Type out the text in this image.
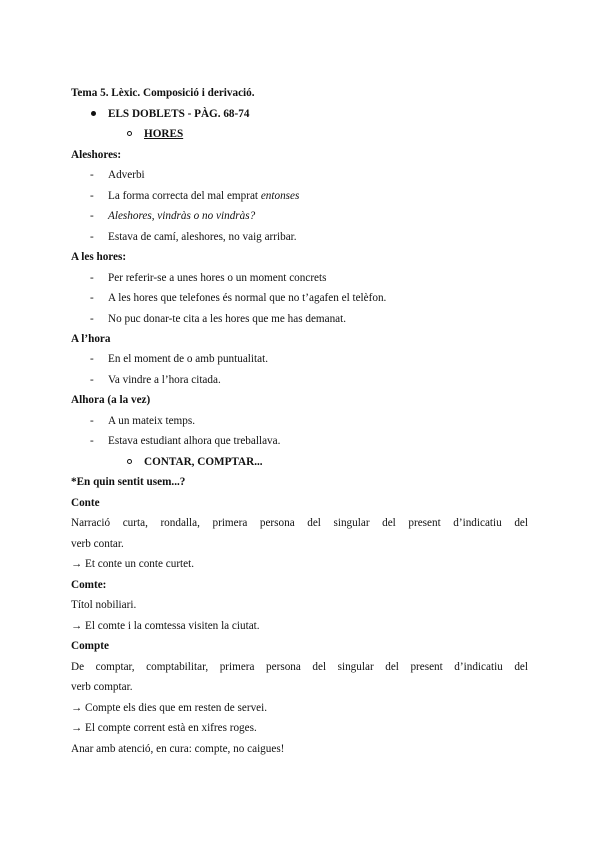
Tema 5. Lèxic. Composició i derivació.
ELS DOBLETS - PÀG. 68-74
HORES
Aleshores:
- Adverbi
- La forma correcta del mal emprat entonses
- Aleshores, vindràs o no vindràs?
- Estava de camí, aleshores, no vaig arribar.
A les hores:
- Per referir-se a unes hores o un moment concrets
- A les hores que telefones és normal que no t’agafen el telèfon.
- No puc donar-te cita a les hores que me has demanat.
A l’hora
- En el moment de o amb puntualitat.
- Va vindre a l’hora citada.
Alhora (a la vez)
- A un mateix temps.
- Estava estudiant alhora que treballava.
CONTAR, COMPTAR...
*En quin sentit usem...?
Conte
Narració curta, rondalla, primera persona del singular del present d’indicatiu del
verb contar.
→ Et conte un conte curtet.
Comte:
Títol nobiliari.
→ El comte i la comtessa visiten la ciutat.
Compte
De comptar, comptabilitar, primera persona del singular del present d’indicatiu del
verb comptar.
→ Compte els dies que em resten de servei.
→ El compte corrent està en xifres roges.
Anar amb atenció, en cura: compte, no caigues!
